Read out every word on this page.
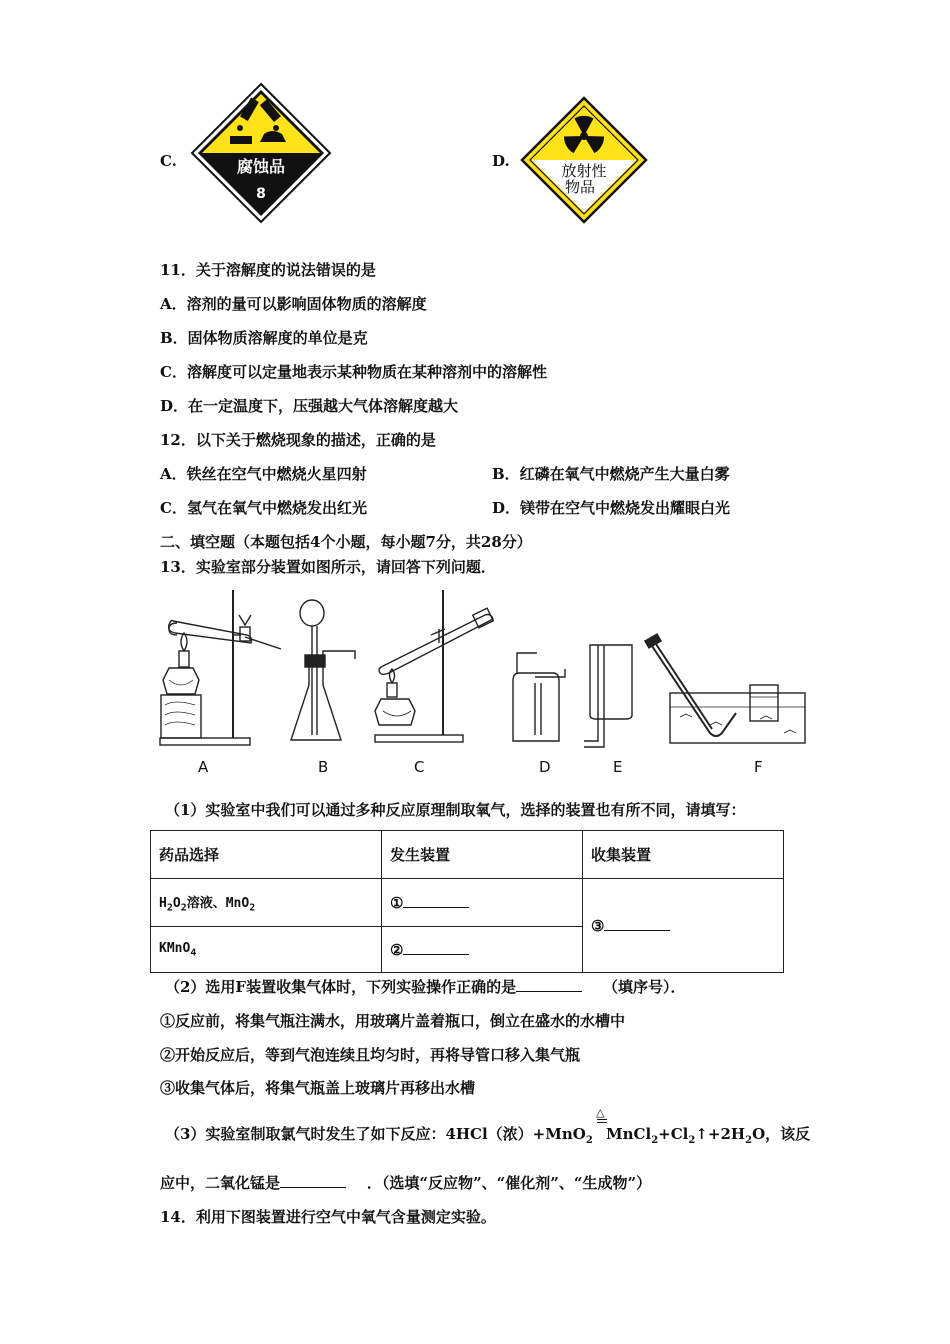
C.	腐蚀品
8
D.
放射性
物品
11．关于溶解度的说法错误的是
A．溶剂的量可以影响固体物质的溶解度
B．固体物质溶解度的单位是克
C．溶解度可以定量地表示某种物质在某种溶剂中的溶解性
D．在一定温度下，压强越大气体溶解度越大
12．以下关于燃烧现象的描述，正确的是
A．铁丝在空气中燃烧火星四射	B．红磷在氧气中燃烧产生大量白雾
C．氢气在氧气中燃烧发出红光	D．镁带在空气中燃烧发出耀眼白光
二、填空题（本题包括4个小题，每小题7分，共28分）
13．实验室部分装置如图所示，请回答下列问题．
A	B	C	D	E	F
（1）实验室中我们可以通过多种反应原理制取氧气，选择的装置也有所不同，请填写：
药品选择	发生装置	收集装置
$H_2O_2$溶液、MnO$_2$	①	③
KMnO$_4$	②	
（2）选用F装置收集气体时，下列实验操作正确的是	（填序号）．
①反应前，将集气瓶注满水，用玻璃片盖着瓶口，倒立在盛水的水槽中
②开始反应后，等到气泡连续且均匀时，再将导管口移入集气瓶
③收集气体后，将集气瓶盖上玻璃片再移出水槽
△
（3）实验室制取氯气时发生了如下反应：4HCl（浓）+MnO$_2$ $MnCl_2+Cl_2↑+2H_2O$，该反
应中，二氧化锰是	．（选填“反应物”、“催化剂”、“生成物”）
14．利用下图装置进行空气中氧气含量测定实验。
